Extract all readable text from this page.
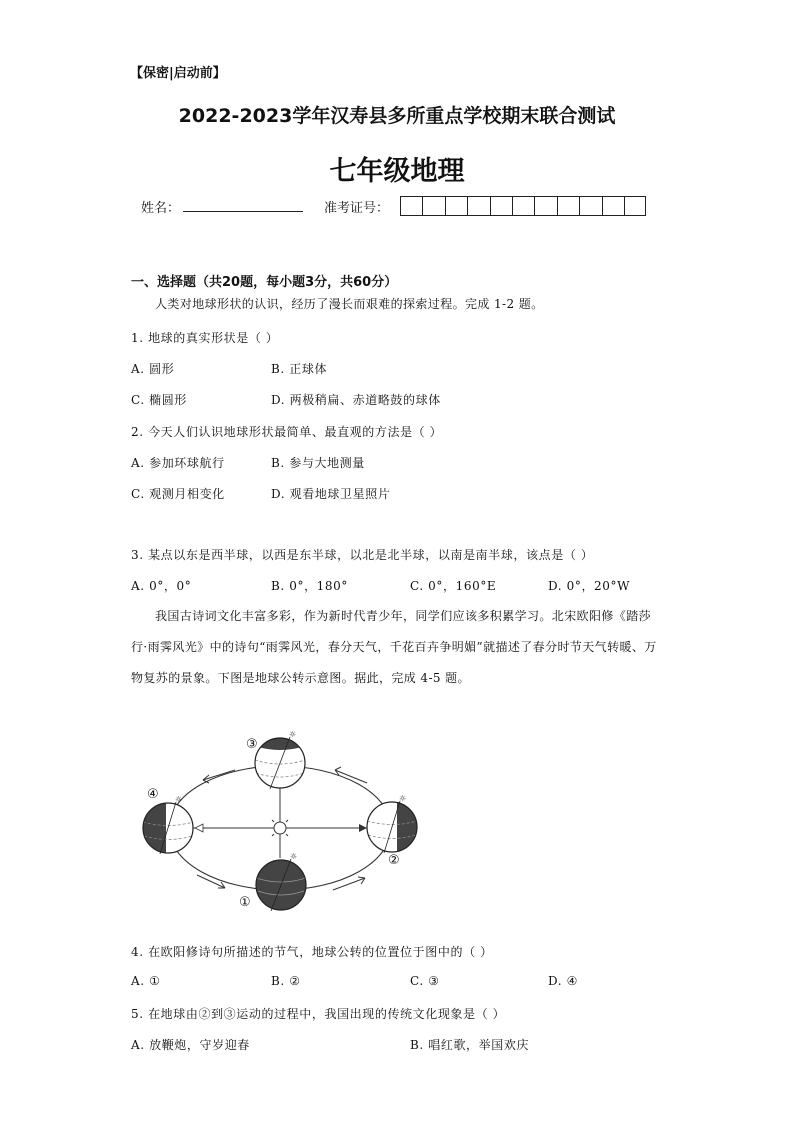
【保密|启动前】
2022-2023学年汉寿县多所重点学校期末联合测试
七年级地理
姓名：	准考证号：
一、选择题（共20题，每小题3分，共60分）
人类对地球形状的认识，经历了漫长而艰难的探索过程。完成 1-2 题。
1. 地球的真实形状是（ ）
A. 圆形	B. 正球体
C. 椭圆形	D. 两极稍扁、赤道略鼓的球体
2. 今天人们认识地球形状最简单、最直观的方法是（ ）
A. 参加环球航行	B. 参与大地测量
C. 观测月相变化	D. 观看地球卫星照片
3. 某点以东是西半球，以西是东半球，以北是北半球，以南是南半球，该点是（ ）
A. 0°，0°	B. 0°，180°	C. 0°，160°E	D. 0°，20°W
我国古诗词文化丰富多彩，作为新时代青少年，同学们应该多积累学习。北宋欧阳修《踏莎行·雨霁风光》中的诗句“雨霁风光，春分天气，千花百卉争明媚”就描述了春分时节天气转暖、万物复苏的景象。下图是地球公转示意图。据此，完成 4-5 题。
☼
☼
☼
☼
①
②
③
④
4. 在欧阳修诗句所描述的节气，地球公转的位置位于图中的（ ）
A. ①	B. ②	C. ③	D. ④
5. 在地球由②到③运动的过程中，我国出现的传统文化现象是（ ）
A. 放鞭炮，守岁迎春	B. 唱红歌，举国欢庆
